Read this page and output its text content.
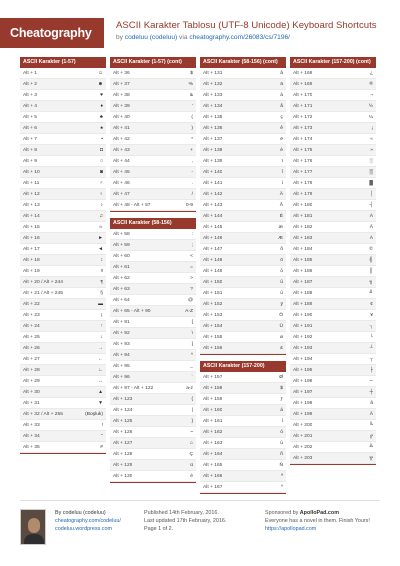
Cheatography
ASCII Karakter Tablosu (UTF-8 Unicode) Keyboard Shortcuts
by codeluu (codeluu) via cheatography.com/26083/cs/7196/
ASCII Karakter (1-57)
Alt + 1	☺
Alt + 2	☻
Alt + 3	♥
Alt + 4	♦
Alt + 5	♣
Alt + 6	♠
Alt + 7	•
Alt + 8	◘
Alt + 9	○
Alt + 10	◙
Alt + 11	♂
Alt + 12	♀
Alt + 13	♪
Alt + 14	♫
Alt + 15	☼
Alt + 16	►
Alt + 17	◄
Alt + 18	↕
Alt + 19	‼
Alt + 20 / Alt + 244	¶
Alt + 21 / Alt + 245	§
Alt + 22	▬
Alt + 23	↨
Alt + 24	↑
Alt + 25	↓
Alt + 26	→
Alt + 27	←
Alt + 28	∟
Alt + 29	↔
Alt + 30	▲
Alt + 31	▼
Alt + 32 / Alt + 255	(Boşluk)
Alt + 33	!
Alt + 34	"
Alt + 35	#
ASCII Karakter (1-57) (cont)
Alt + 36	$
Alt + 37	%
Alt + 38	&
Alt + 39	'
Alt + 40	(
Alt + 41	)
Alt + 42	*
Alt + 43	+
Alt + 44	,
Alt + 45	-
Alt + 46	.
Alt + 47	/
Alt + 48 - Alt + 57	0-9
ASCII Karakter (58-156)
Alt + 58	:
Alt + 59	;
Alt + 60	<
Alt + 61	=
Alt + 62	>
Alt + 63	?
Alt + 64	@
Alt + 65 - Alt + 90	A-Z
Alt + 91	[
Alt + 92	\
Alt + 93	]
Alt + 94	^
Alt + 95	_
Alt + 96	`
Alt + 97 - Alt + 122	a-z
Alt + 123	{
Alt + 124	|
Alt + 125	}
Alt + 126	~
Alt + 127	⌂
Alt + 128	Ç
Alt + 129	ü
Alt + 130	é
ASCII Karakter (58-156) (cont)
Alt + 131	â
Alt + 132	ä
Alt + 133	à
Alt + 134	å
Alt + 135	ç
Alt + 136	ê
Alt + 137	ë
Alt + 138	è
Alt + 139	ï
Alt + 140	î
Alt + 141	ì
Alt + 142	Ä
Alt + 143	Å
Alt + 144	É
Alt + 145	æ
Alt + 146	Æ
Alt + 147	ô
Alt + 148	ö
Alt + 149	ò
Alt + 150	û
Alt + 151	ù
Alt + 152	ÿ
Alt + 153	Ö
Alt + 154	Ü
Alt + 155	ø
Alt + 156	£
ASCII Karakter (157-200)
Alt + 157	Ø
Alt + 158	$
Alt + 159	ƒ
Alt + 160	á
Alt + 161	í
Alt + 162	ó
Alt + 163	ú
Alt + 164	ñ
Alt + 165	Ñ
Alt + 166	ª
Alt + 167	º
ASCII Karakter (157-200) (cont)
Alt + 168	¿
Alt + 169	®
Alt + 170	¬
Alt + 171	½
Alt + 172	¼
Alt + 173	¡
Alt + 174	«
Alt + 175	»
Alt + 176	░
Alt + 177	▒
Alt + 178	▓
Alt + 179	│
Alt + 180	┤
Alt + 181	Á
Alt + 182	Â
Alt + 183	À
Alt + 184	©
Alt + 185	╣
Alt + 186	║
Alt + 187	╗
Alt + 188	╝
Alt + 189	¢
Alt + 190	¥
Alt + 191	┐
Alt + 192	└
Alt + 193	┴
Alt + 194	┬
Alt + 195	├
Alt + 196	─
Alt + 197	┼
Alt + 198	ã
Alt + 199	Ã
Alt + 200	╚
Alt + 201	╔
Alt + 202	╩
Alt + 203	╦
By codeluu (codeluu)
cheatography.com/codeluu/
codeluu.wordpress.com
Published 14th February, 2016.
Last updated 17th February, 2016.
Page 1 of 2.
Sponsored by ApolloPad.com
Everyone has a novel in them. Finish Yours!
https://apollopad.com
